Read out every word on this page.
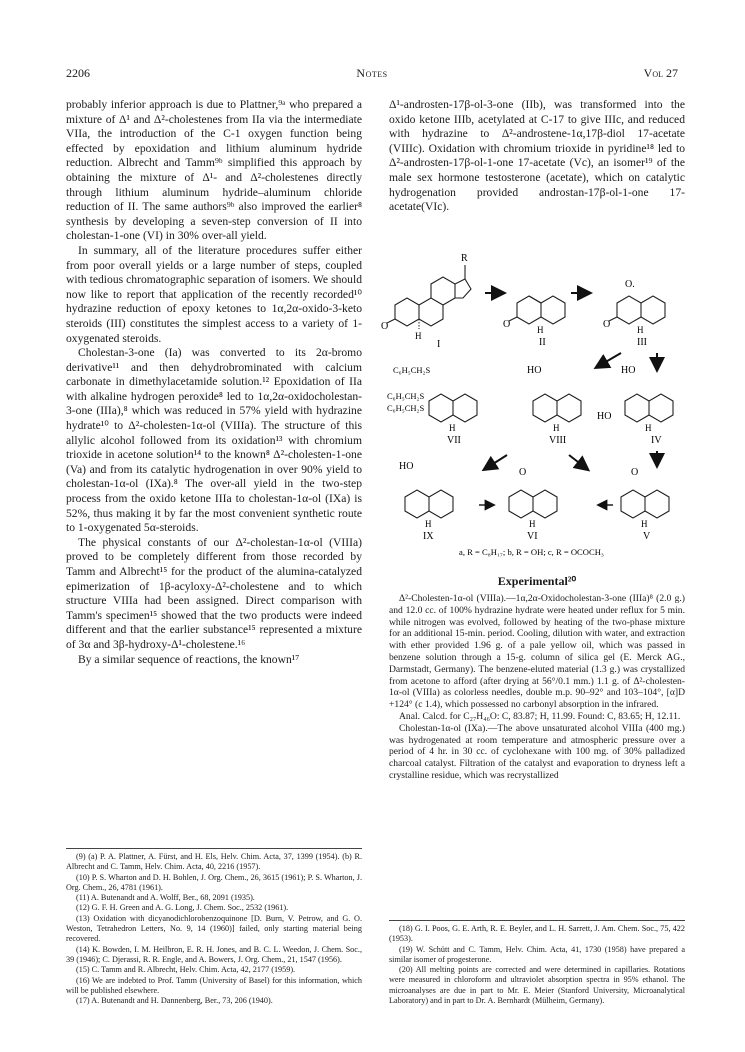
2206	Notes	Vol 27

probably inferior approach is due to Plattner,⁹ᵃ who prepared a mixture of Δ¹ and Δ²-cholestenes from IIa via the intermediate VIIa, the introduction of the C-1 oxygen function being effected by epoxidation and lithium aluminum hydride reduction. Albrecht and Tamm⁹ᵇ simplified this approach by obtaining the mixture of Δ¹- and Δ²-cholestenes directly through lithium aluminum hydride–aluminum chloride reduction of II. The same authors⁹ᵇ also improved the earlier⁸ synthesis by developing a seven-step conversion of II into cholestan-1-one (VI) in 30% over-all yield.

In summary, all of the literature procedures suffer either from poor overall yields or a large number of steps, coupled with tedious chromatographic separation of isomers. We should now like to report that application of the recently recorded¹⁰ hydrazine reduction of epoxy ketones to 1α,2α-oxido-3-keto steroids (III) constitutes the simplest access to a variety of 1-oxygenated steroids.

Cholestan-3-one (Ia) was converted to its 2α-bromo derivative¹¹ and then dehydrobrominated with calcium carbonate in dimethylacetamide solution.¹² Epoxidation of IIa with alkaline hydrogen peroxide⁸ led to 1α,2α-oxidocholestan-3-one (IIIa),⁸ which was reduced in 57% yield with hydrazine hydrate¹⁰ to Δ²-cholesten-1α-ol (VIIIa). The structure of this allylic alcohol followed from its oxidation¹³ with chromium trioxide in acetone solution¹⁴ to the known⁸ Δ²-cholesten-1-one (Va) and from its catalytic hydrogenation in over 90% yield to cholestan-1α-ol (IXa).⁸ The over-all yield in the two-step process from the oxido ketone IIIa to cholestan-1α-ol (IXa) is 52%, thus making it by far the most convenient synthetic route to 1-oxygenated 5α-steroids.

The physical constants of our Δ²-cholestan-1α-ol (VIIIa) proved to be completely different from those recorded by Tamm and Albrecht¹⁵ for the product of the alumina-catalyzed epimerization of 1β-acyloxy-Δ²-cholestene and to which structure VIIIa had been assigned. Direct comparison with Tamm's specimen¹⁵ showed that the two products were indeed different and that the earlier substance¹⁵ represented a mixture of 3α and 3β-hydroxy-Δ¹-cholestene.¹⁶

By a similar sequence of reactions, the known¹⁷

(9) (a) P. A. Plattner, A. Fürst, and H. Els, Helv. Chim. Acta, 37, 1399 (1954). (b) R. Albrecht and C. Tamm, Helv. Chim. Acta, 40, 2216 (1957).

(10) P. S. Wharton and D. H. Bohlen, J. Org. Chem., 26, 3615 (1961); P. S. Wharton, J. Org. Chem., 26, 4781 (1961).

(11) A. Butenandt and A. Wolff, Ber., 68, 2091 (1935).

(12) G. F. H. Green and A. G. Long, J. Chem. Soc., 2532 (1961).

(13) Oxidation with dicyanodichlorobenzoquinone [D. Burn, V. Petrow, and G. O. Weston, Tetrahedron Letters, No. 9, 14 (1960)] failed, only starting material being recovered.

(14) K. Bowden, I. M. Heilbron, E. R. H. Jones, and B. C. L. Weedon, J. Chem. Soc., 39 (1946); C. Djerassi, R. R. Engle, and A. Bowers, J. Org. Chem., 21, 1547 (1956).

(15) C. Tamm and R. Albrecht, Helv. Chim. Acta, 42, 2177 (1959).

(16) We are indebted to Prof. Tamm (University of Basel) for this information, which will be published elsewhere.

(17) A. Butenandt and H. Dannenberg, Ber., 73, 206 (1940).

Δ¹-androsten-17β-ol-3-one (IIb), was transformed into the oxido ketone IIIb, acetylated at C-17 to give IIIc, and reduced with hydrazine to Δ²-androstene-1α,17β-diol 17-acetate (VIIIc). Oxidation with chromium trioxide in pyridine¹⁸ led to Δ²-androsten-17β-ol-1-one 17-acetate (Vc), an isomer¹⁹ of the male sex hormone testosterone (acetate), which on catalytic hydrogenation provided androstan-17β-ol-1-one 17-acetate(VIc).

O
H
R
I
O	H
II
O.
O	H
III
C₆H₅CH₂S
C₆H₅CH₂S
C₆H₅CH₂S
H
VII
HO
H
VIII
HO
HO
H
IV
HO
H
IX
O
H
VI
O
H
V
a, R = C₈H₁₇; b, R = OH; c, R = OCOCH₃

Experimental²⁰

Δ²-Cholesten-1α-ol (VIIIa).—1α,2α-Oxidocholestan-3-one (IIIa)⁸ (2.0 g.) and 12.0 cc. of 100% hydrazine hydrate were heated under reflux for 5 min. while nitrogen was evolved, followed by heating of the two-phase mixture for an additional 15-min. period. Cooling, dilution with water, and extraction with ether provided 1.96 g. of a pale yellow oil, which was passed in benzene solution through a 15-g. column of silica gel (E. Merck AG., Darmstadt, Germany). The benzene-eluted material (1.3 g.) was crystallized from acetone to afford (after drying at 56°/0.1 mm.) 1.1 g. of Δ²-cholesten-1α-ol (VIIIa) as colorless needles, double m.p. 90–92° and 103–104°, [α]D +124° (c 1.4), which possessed no carbonyl absorption in the infrared.

Anal. Calcd. for C₂₇H₄₆O: C, 83.87; H, 11.99. Found: C, 83.65; H, 12.11.

Cholestan-1α-ol (IXa).—The above unsaturated alcohol VIIIa (400 mg.) was hydrogenated at room temperature and atmospheric pressure over a period of 4 hr. in 30 cc. of cyclohexane with 100 mg. of 30% palladized charcoal catalyst. Filtration of the catalyst and evaporation to dryness left a crystalline residue, which was recrystallized

(18) G. I. Poos, G. E. Arth, R. E. Beyler, and L. H. Sarrett, J. Am. Chem. Soc., 75, 422 (1953).

(19) W. Schütt and C. Tamm, Helv. Chim. Acta, 41, 1730 (1958) have prepared a similar isomer of progesterone.

(20) All melting points are corrected and were determined in capillaries. Rotations were measured in chloroform and ultraviolet absorption spectra in 95% ethanol. The microanalyses are due in part to Mr. E. Meier (Stanford University, Microanalytical Laboratory) and in part to Dr. A. Bernhardt (Mülheim, Germany).
